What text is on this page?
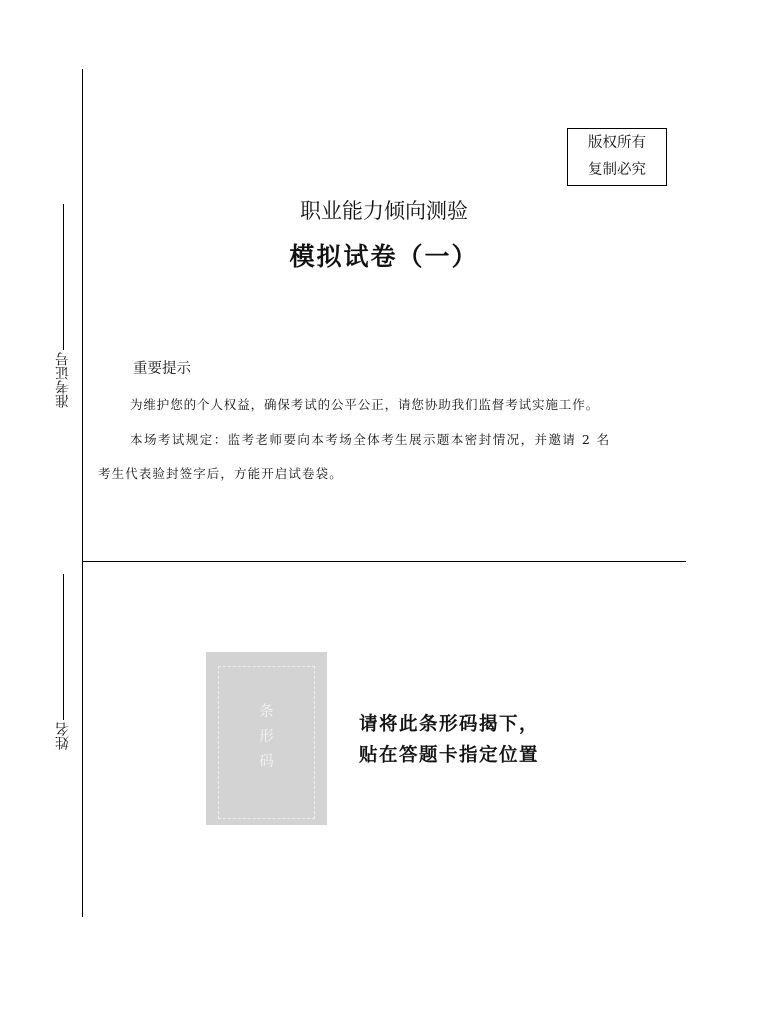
准考证号
姓名
版权所有
复制必究
职业能力倾向测验
模拟试卷（一）
重要提示
为维护您的个人权益，确保考试的公平公正，请您协助我们监督考试实施工作。
本场考试规定：监考老师要向本考场全体考生展示题本密封情况，并邀请 2 名
考生代表验封签字后，方能开启试卷袋。
条
形
码
请将此条形码揭下，
贴在答题卡指定位置
